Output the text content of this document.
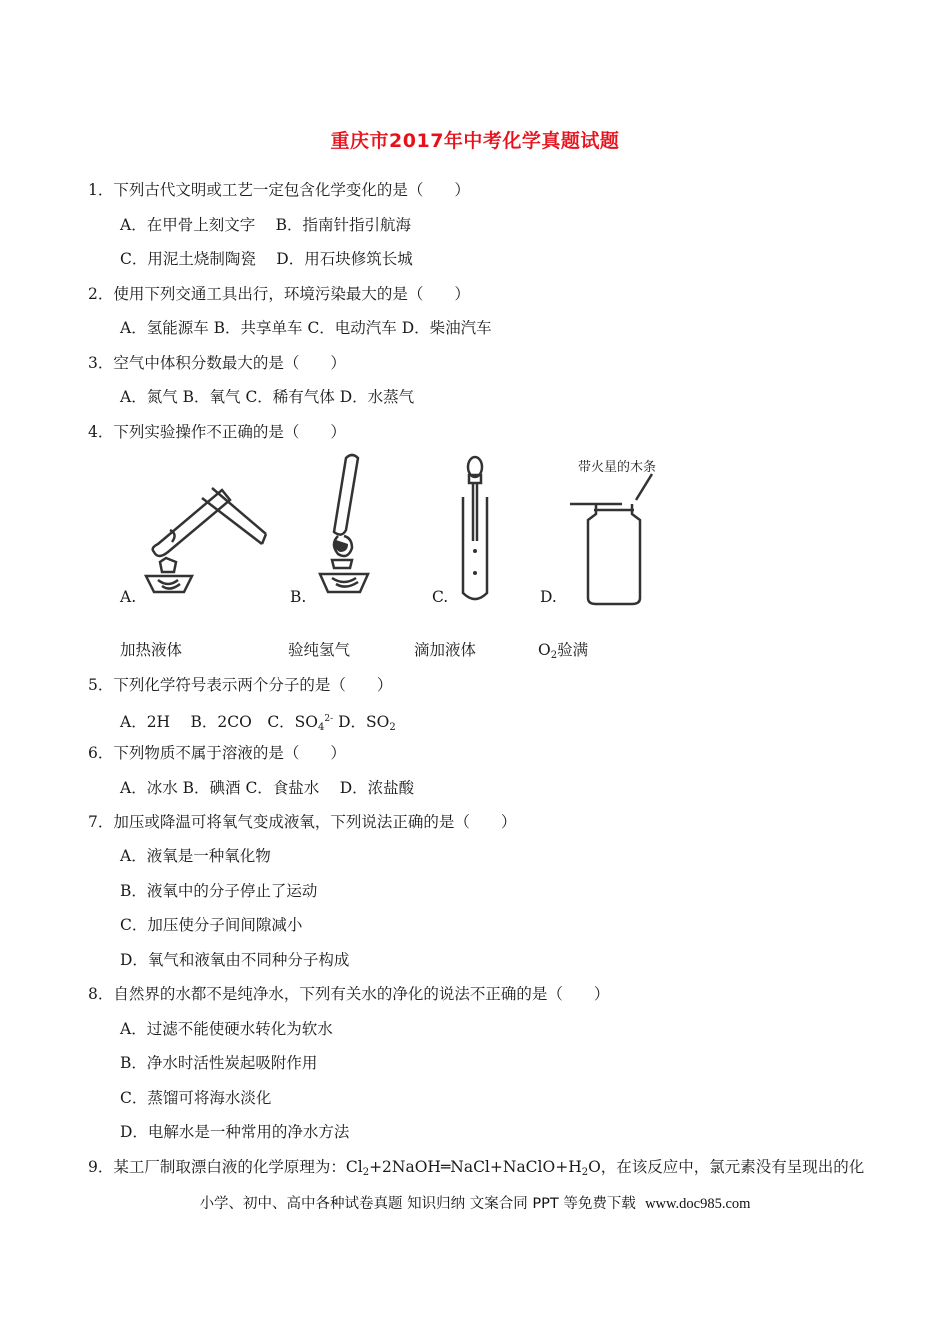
重庆市2017年中考化学真题试题
1．下列古代文明或工艺一定包含化学变化的是（　　）
A．在甲骨上刻文字　 B．指南针指引航海
C．用泥土烧制陶瓷　 D．用石块修筑长城
2．使用下列交通工具出行，环境污染最大的是（　　）
A．氢能源车 B．共享单车 C．电动汽车 D．柴油汽车
3．空气中体积分数最大的是（　　）
A．氮气 B．氧气 C．稀有气体 D．水蒸气
4．下列实验操作不正确的是（　　）
A.	B.	C.
带火星的木条
D.
加热液体	验纯氢气	滴加液体	$O_2$验满
5．下列化学符号表示两个分子的是（　　）
A．2H　 B．2CO　C．$SO_4^{2-}$ D．$SO_2$
6．下列物质不属于溶液的是（　　）
A．冰水 B．碘酒 C．食盐水　 D．浓盐酸
7．加压或降温可将氧气变成液氧，下列说法正确的是（　　）
A．液氧是一种氧化物
B．液氧中的分子停止了运动
C．加压使分子间间隙减小
D．氧气和液氧由不同种分子构成
8．自然界的水都不是纯净水，下列有关水的净化的说法不正确的是（　　）
A．过滤不能使硬水转化为软水
B．净水时活性炭起吸附作用
C．蒸馏可将海水淡化
D．电解水是一种常用的净水方法
9．某工厂制取漂白液的化学原理为：$Cl_2+2NaOH═NaCl+NaClO+H_2O$，在该反应中，氯元素没有呈现出的化
小学、初中、高中各种试卷真题 知识归纳 文案合同 PPT 等免费下载 www.doc985.com
